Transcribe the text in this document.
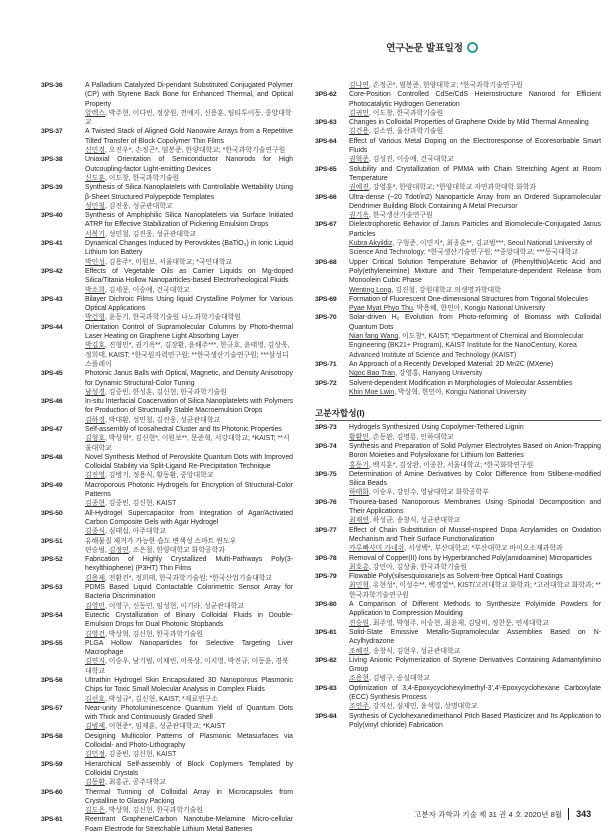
연구논문 발표일정
3PS-36	A Palladium Catalyzed Di-pendant Substituted Conjugated Polymer (CP) with Styrene Back Bone for Enhanced Thermal, and Optical Property
알렉스, 박주현, 이다빈, 정상원, 전예지, 신용훈, 팀티투이동, 중앙대학교
3PS-37	A Twisted Stack of Aligned Gold Nanowire Arrays from a Repetitive Tilted Transfer of Block Copolymer Thin Films
신민경, 오진우*, 손정곤*, 염봉준, 한양대학교; *한국과학기술연구원
3PS-38	Uniaxial Orientation of Semiconductor Nanorods for High Outcoupling-factor Light-emitting Devices
신도훈, 이도창, 한국과학기술원
3PS-39	Synthesis of Silica Nanoplatelets with Controllable Wettability Using β-Sheet Structured Polypeptide Templates
성민철, 김진웅, 성균관대학교
3PS-40	Synthesis of Amphiphilic Silica Nanoplatelets via Surface Initiated ATRP for Effective Stabilization of Pickering Emulsion Drops
서복기, 성민철, 김진웅, 성균관대학교
3PS-41	Dynamical Changes Induced by Perovskites (BaTiO₃) in Ionic Liquid Lithium Ion Battery
박인성, 김용주*, 이원보, 서울대학교; *국민대학교
3PS-42	Effects of Vegetable Oils as Carrier Liquids on Mg-doped Silica/Titania Hollow Nanoparticles-based Electrorheological Fluids
박소희, 김세문, 이승예, 건국대학교
3PS-43	Bilayer Dichroic Films Using liquid Crystalline Polymer for Various Optical Applications
박건형, 윤동기, 한국과학기술원 나노과학기술대학원
3PS-44	Orientation Control of Supramolecular Columns by Photo-thermal Laser Heating on Graphene Light Absorbing Layer
박김호, 진형민*, 권기옥**, 김장환, 윤해주***, 한규호, 윤태영, 김상욱, 정희태, KAIST; *한국원자력연구원; **한국생산기술연구원; ***삼성디스플레이
3PS-45	Photonic Janus Balls with Optical, Magnetic, and Density Anisotropy for Dynamic Structural-Color Tuning
남성경, 김중빈, 한성훈, 김신현, 한국과학기술원
3PS-46	In-situ Interfacial Coacervation of Silica Nanoplatelets with Polymers for Production of Structrually Stable Macroemulsion Drops
김하경, 박대환, 성민철, 김진웅, 성균관대학교
3PS-47	Self-assembly of Icosahedral Cluster and Its Photonic Properties
김형호, 박상혁*, 김신현*, 이원보**, 문준혁, 서강대학교; *KAIST; **서울대학교
3PS-48	Novel Synthesis Method of Perovskite Quantum Dots with Improved Colloidal Stability via Split-Ligand Re-Precipitation Technique
김진영, 김병기, 정용식, 황동환, 중앙대학교
3PS-49	Macroporous Photonic Hydrogels for Encryption of Structural-Color Patterns
김종현, 김중빈, 김신현, KAIST
3PS-50	All-Hydrogel Supercapacitor from Integration of Agar/Activated Carbon Composite Gels with Agar Hydrogel
김종식, 심태섭, 아주대학교
3PS-51	유해물질 제거가 가능한 습도 변색성 스마트 윈도우
편승범, 김정연, 조은철, 한양대학교 화학공학과
3PS-52	Fabrication of Highly Crystallized Multi-Pathways Poly(3-hexylthiophene) (P3HT) Thin Films
김용제, 전환진*, 정희태, 한국과학기술원; *한국산업기술대학교
3PS-53	PDMS Based Liquid Contactable Colorimetric Sensor Array for Bacteria Discrimination
김영민, 이영구, 신동인, 임성현, 이기라, 성균관대학교
3PS-54	Eutectic Crystallization of Binary Colloidal Fluids in Double-Emulsion Drops for Dual Photonic Stopbands
김영건, 박상혁, 김신현, 한국과학기술원
3PS-55	PLGA Hollow Nanoparticles for Selective Targeting Liver Macrophage
김연지, 이승우, 남기범, 이채빈, 이욱상, 이지영, 박진규, 이동윤, 경북대학교
3PS-56	Ultrathin Hydrogel Skin Encapsulated 3D Nanoporous Plasmonic Chips for Toxic Small Molecular Analysis in Complex Fluids
김선호, 박성규*, 김신현, KAIST; *재료연구소
3PS-57	Near-unity Photoluminescence Quantum Yield of Quantum Dots with Thick and Continuously Graded Shell
김범제, 이현준*, 임재훈, 성균관대학교; *KAIST
3PS-58	Designing Multicolor Patterns of Plasmonic Metasurfaces via Colloidal- and Photo-Lithography
김민정, 김종빈, 김신현, KAIST
3PS-59	Hierarchical Self-assembly of Block Coplymers Templated by Colloidal Crystals
김동환, 최홍균, 공주대학교
3PS-60	Thermal Tunning of Colloidal Array in Microcapsules from Crystalline to Glassy Packing
김도은, 박상혁, 김신현, 한국과학기술원
3PS-61	Reentrant Graphene/Carbon Nanotube-Melamine Micro-cellular Foam Electrode for Stretchable Lithium Metal Batteries
김나연, 손정곤*, 염봉준, 한양대학교; *한국과학기술연구원
3PS-62 Core-Position Controlled CdSe/CdS Heterostructure Nanorod for Efficient Photocatalytic Hydrogen Generation
김귀민, 이도창, 한국과학기술원
3PS-63 Changes in Colloidal Properties of Graphene Oxide by Mild Thermal Annealing
김건용, 김소연, 울산과학기술원
3PS-64 Effect of Various Metal Doping on the Electroresponse of Ecoresorbable Smart Fluids
권혁준, 김성진, 이승예, 건국대학교
3PS-65 Solubility and Crystallization of PMMA with Chain Stretching Agent at Room Temperature
권예진, 강영훈*, 한양대학교; *한양대학교 자연과학대학 화학과
3PS-66 Ultra-dense (~20 Tdot/in2) Nanoparticle Array from an Ordered Supramolecular Dendrimer Building Block Containing A Metal Precursor
권기옥, 한국생산기술연구원
3PS-67 Dielectrophoretic Behavior of Janus Particles and Biomolecule-Conjugated Janus Particles
Kubra Akyildiz, 구형준, 이민지*, 최종훈**, 김교범***, Seoul National University of Science And Technology; *한국생산기술연구원; **중앙대학교; ***동국대학교
3PS-68 Upper Critical Solution Temperature Behavior of (Phenylthio)Acetic Acid and Poly(ethyleneimine) Mixture and Their Temperature-dependent Release from Monoolein Cubic Phase
Wenting Long, 김진철, 강원대학교 의생명과학대학
3PS-69 Formation of Fluorescent One-dimensional Structures from Trigonal Molecules
Pyae Myat Phyo Thu, 박용혜, 한민아, Kongju National University
3PS-70 Solar-driven H₂ Evolution from Photo-reforming of Biomass with Colloidal Quantum Dots
Nian fang Wang, 이도창*, KAIST; *Department of Chemical and Biomolecular Engineering (BK21+ Program), KAIST Institute for the NanoCentury, Korea Advanced Institute of Science and Technology (KAIST)
3PS-71 An Approach of a Recently Developed Material: 2D Mn2C (MXene)
Ngoc Bao Tran, 강영홍, Hanyang University
3PS-72 Solvent-dependent Modification in Morphologies of Molecular Assemblies
Khin Moe Lwin, 박상혁, 한민아, Kongju National University
고분자합성(I)
3PS-73 Hydrogels Synthesized Using Copolymer-Tethered Lignin
황환민, 손동완, 김명룡, 인하대학교
3PS-74 Synthesis and Preparation of Solid Polymer Electrolytes Based on Anion-Trapping Boron Moieties and Polysiloxane for Lithium Ion Batteries
홍동기, 백지훈*, 김상완, 이종찬, 서울대학교; *한국화학연구원
3PS-75 Determination of Amine Derivatives by Color Difference from Stilbene-modified Silica Beads
하태화, 이승우, 강인수, 영남대학교 화학공학부
3PS-76 Thiourea-based Nanoporous Membranes Using Spinodal Decomposition and Their Applications
최채연, 하성균, 송창식, 성균관대학교
3PS-77 Effect of Chain Substitution of Mussel-inspired Dopa Acrylamides on Oxidation Mechanism and Their Surface Functionalization
카루빠사미 가네쉬, 서성백*, 부산대학교; *부산대학교 바이오소재과학과
3PS-78 Removal of Copper(II) Ions by Hyperbranched Poly(amidoamine) Microparticles
최호총, 강민아, 김상율, 한국과학기술원
3PS-79 Flowable Poly(silsesquioxane)s as Solvent-free Optical Hard Coatings
최민혁, 유현성*, 이성수**, 백경열**, KIST/고려대학교 화학과; *고려대학교 화학과; **한국과학기술연구원
3PS-80 A Comparison of Different Methods to Synthesize Polyimide Powders for Application to Compression Moulding
진승원, 최주영, 박형주, 이승현, 최윤제, 김담비, 정찬문, 연세대학교
3PS-81 Solid-State Emissive Metallo-Supramolecular Assemblies Based on N-Acylhydrazone
조혜진, 송창식, 김현우, 성균관대학교
3PS-82 Living Anionic Polymerization of Styrene Derivatives Containing Adamantylimino Group
조용현, 김범구, 숭실대학교
3PS-83 Optimization of 3,4-Epoxycyclohexylmethyl-3',4'-Epoxycyclohexane Carboxylate (ECC) Synthesis Process
조연주, 강지선, 심재민, 윤석일, 상명대학교
3PS-84 Synthesis of Cyclohexanedimethanol Pitch Based Plasticizer and Its Application to Poly(vinyl chloride) Fabrication
고분자 과학과 기술 제 31 권 4 호 2020년 8월 343
